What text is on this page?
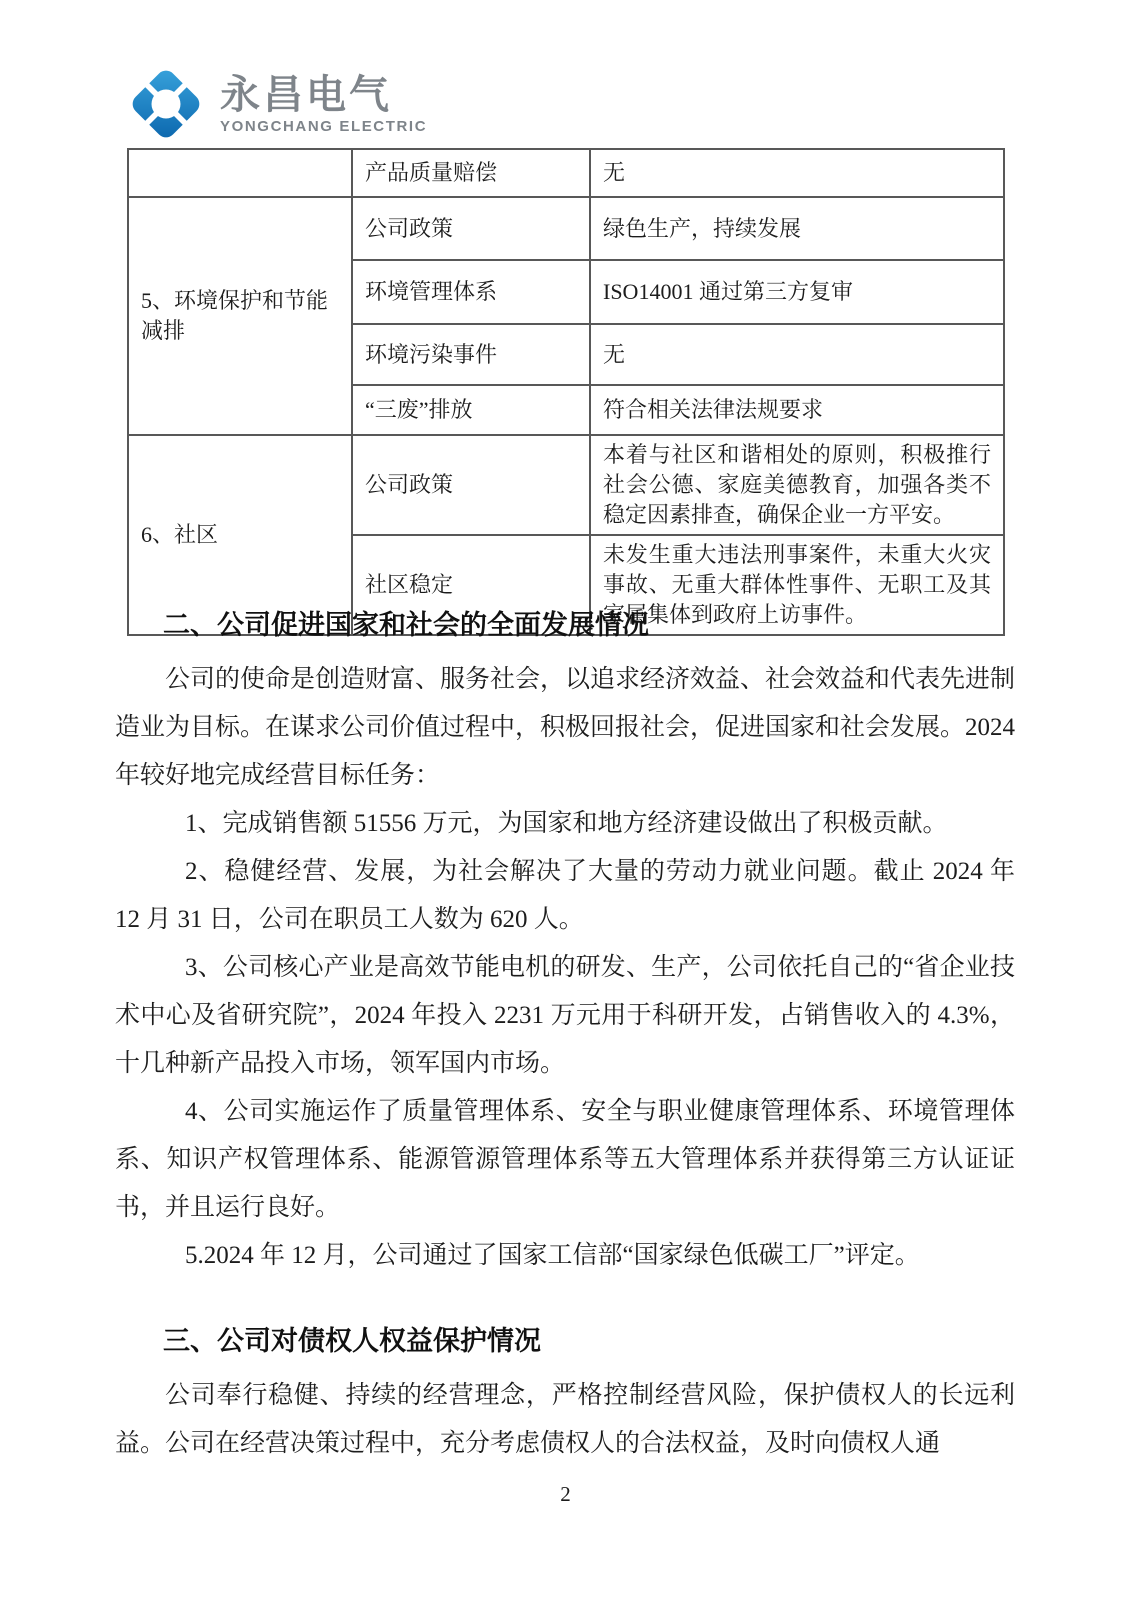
永昌电气
YONGCHANG ELECTRIC
	产品质量赔偿	无
5、环境保护和节能减排	公司政策	绿色生产，持续发展
	环境管理体系	ISO14001 通过第三方复审
	环境污染事件	无
	“三废”排放	符合相关法律法规要求
6、社区	公司政策	本着与社区和谐相处的原则，积极推行社会公德、家庭美德教育，加强各类不稳定因素排查，确保企业一方平安。
	社区稳定	未发生重大违法刑事案件，未重大火灾事故、无重大群体性事件、无职工及其家属集体到政府上访事件。
二、公司促进国家和社会的全面发展情况

公司的使命是创造财富、服务社会，以追求经济效益、社会效益和代表先进制造业为目标。在谋求公司价值过程中，积极回报社会，促进国家和社会发展。2024 年较好地完成经营目标任务：

1、完成销售额 51556 万元，为国家和地方经济建设做出了积极贡献。

2、稳健经营、发展，为社会解决了大量的劳动力就业问题。截止 2024 年 12 月 31 日，公司在职员工人数为 620 人。

3、公司核心产业是高效节能电机的研发、生产，公司依托自己的“省企业技术中心及省研究院”，2024 年投入 2231 万元用于科研开发，占销售收入的 4.3%，十几种新产品投入市场，领军国内市场。

4、公司实施运作了质量管理体系、安全与职业健康管理体系、环境管理体系、知识产权管理体系、能源管源管理体系等五大管理体系并获得第三方认证证书，并且运行良好。

5.2024 年 12 月，公司通过了国家工信部“国家绿色低碳工厂”评定。

三、公司对债权人权益保护情况

公司奉行稳健、持续的经营理念，严格控制经营风险，保护债权人的长远利益。公司在经营决策过程中，充分考虑债权人的合法权益，及时向债权人通

2
